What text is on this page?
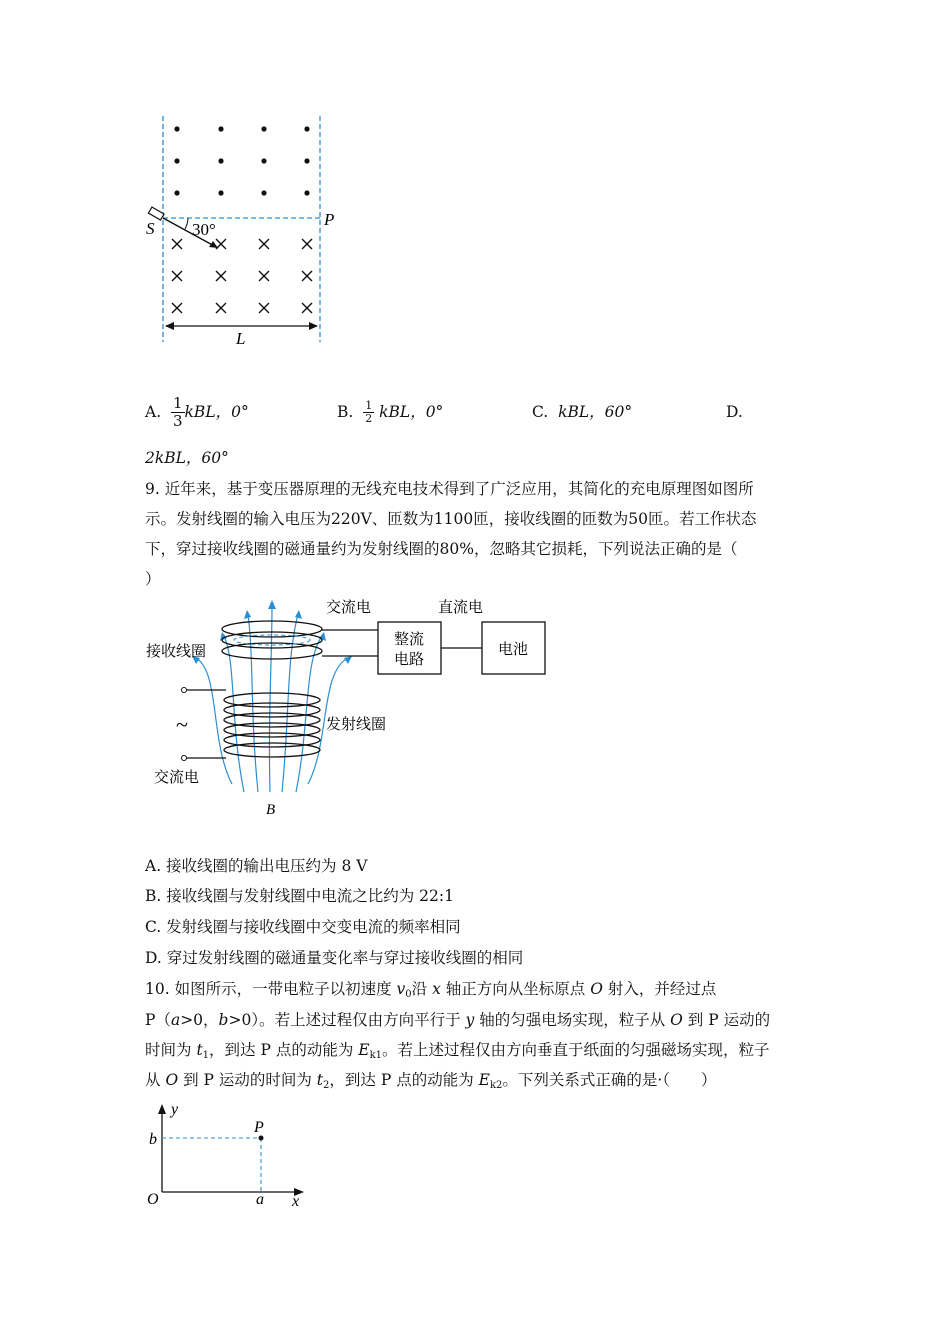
S 30°
P
L
A.
$\frac{1}{3}$ kBL，0°	B.
$\frac{1}{2}$
kBL，0°	C. kBL，60°	D.
2kBL，60°
9. 近年来，基于变压器原理的无线充电技术得到了广泛应用，其简化的充电原理图如图所
示。发射线圈的输入电压为220V、匝数为1100匝，接收线圈的匝数为50匝。若工作状态
下，穿过接收线圈的磁通量约为发射线圈的80%，忽略其它损耗，下列说法正确的是（
）
交流电	直流电
整流
电路
电池
接收线圈
发射线圈
~
交流电
B
A. 接收线圈的输出电压约为 8 V
B. 接收线圈与发射线圈中电流之比约为 22:1
C. 发射线圈与接收线圈中交变电流的频率相同
D. 穿过发射线圈的磁通量变化率与穿过接收线圈的相同
10. 如图所示，一带电粒子以初速度 $v_0$沿 x 轴正方向从坐标原点 O 射入，并经过点
P（a>0，b>0）。若上述过程仅由方向平行于 y 轴的匀强电场实现，粒子从 O 到 P 运动的
时间为 $t_1$，到达 P 点的动能为 $E_{k1}$。若上述过程仅由方向垂直于纸面的匀强磁场实现，粒子
从 O 到 P 运动的时间为 $t_2$，到达 P 点的动能为 $E_{k2}$。下列关系式正确的是·（　　）
y
x
O
b
a
P
